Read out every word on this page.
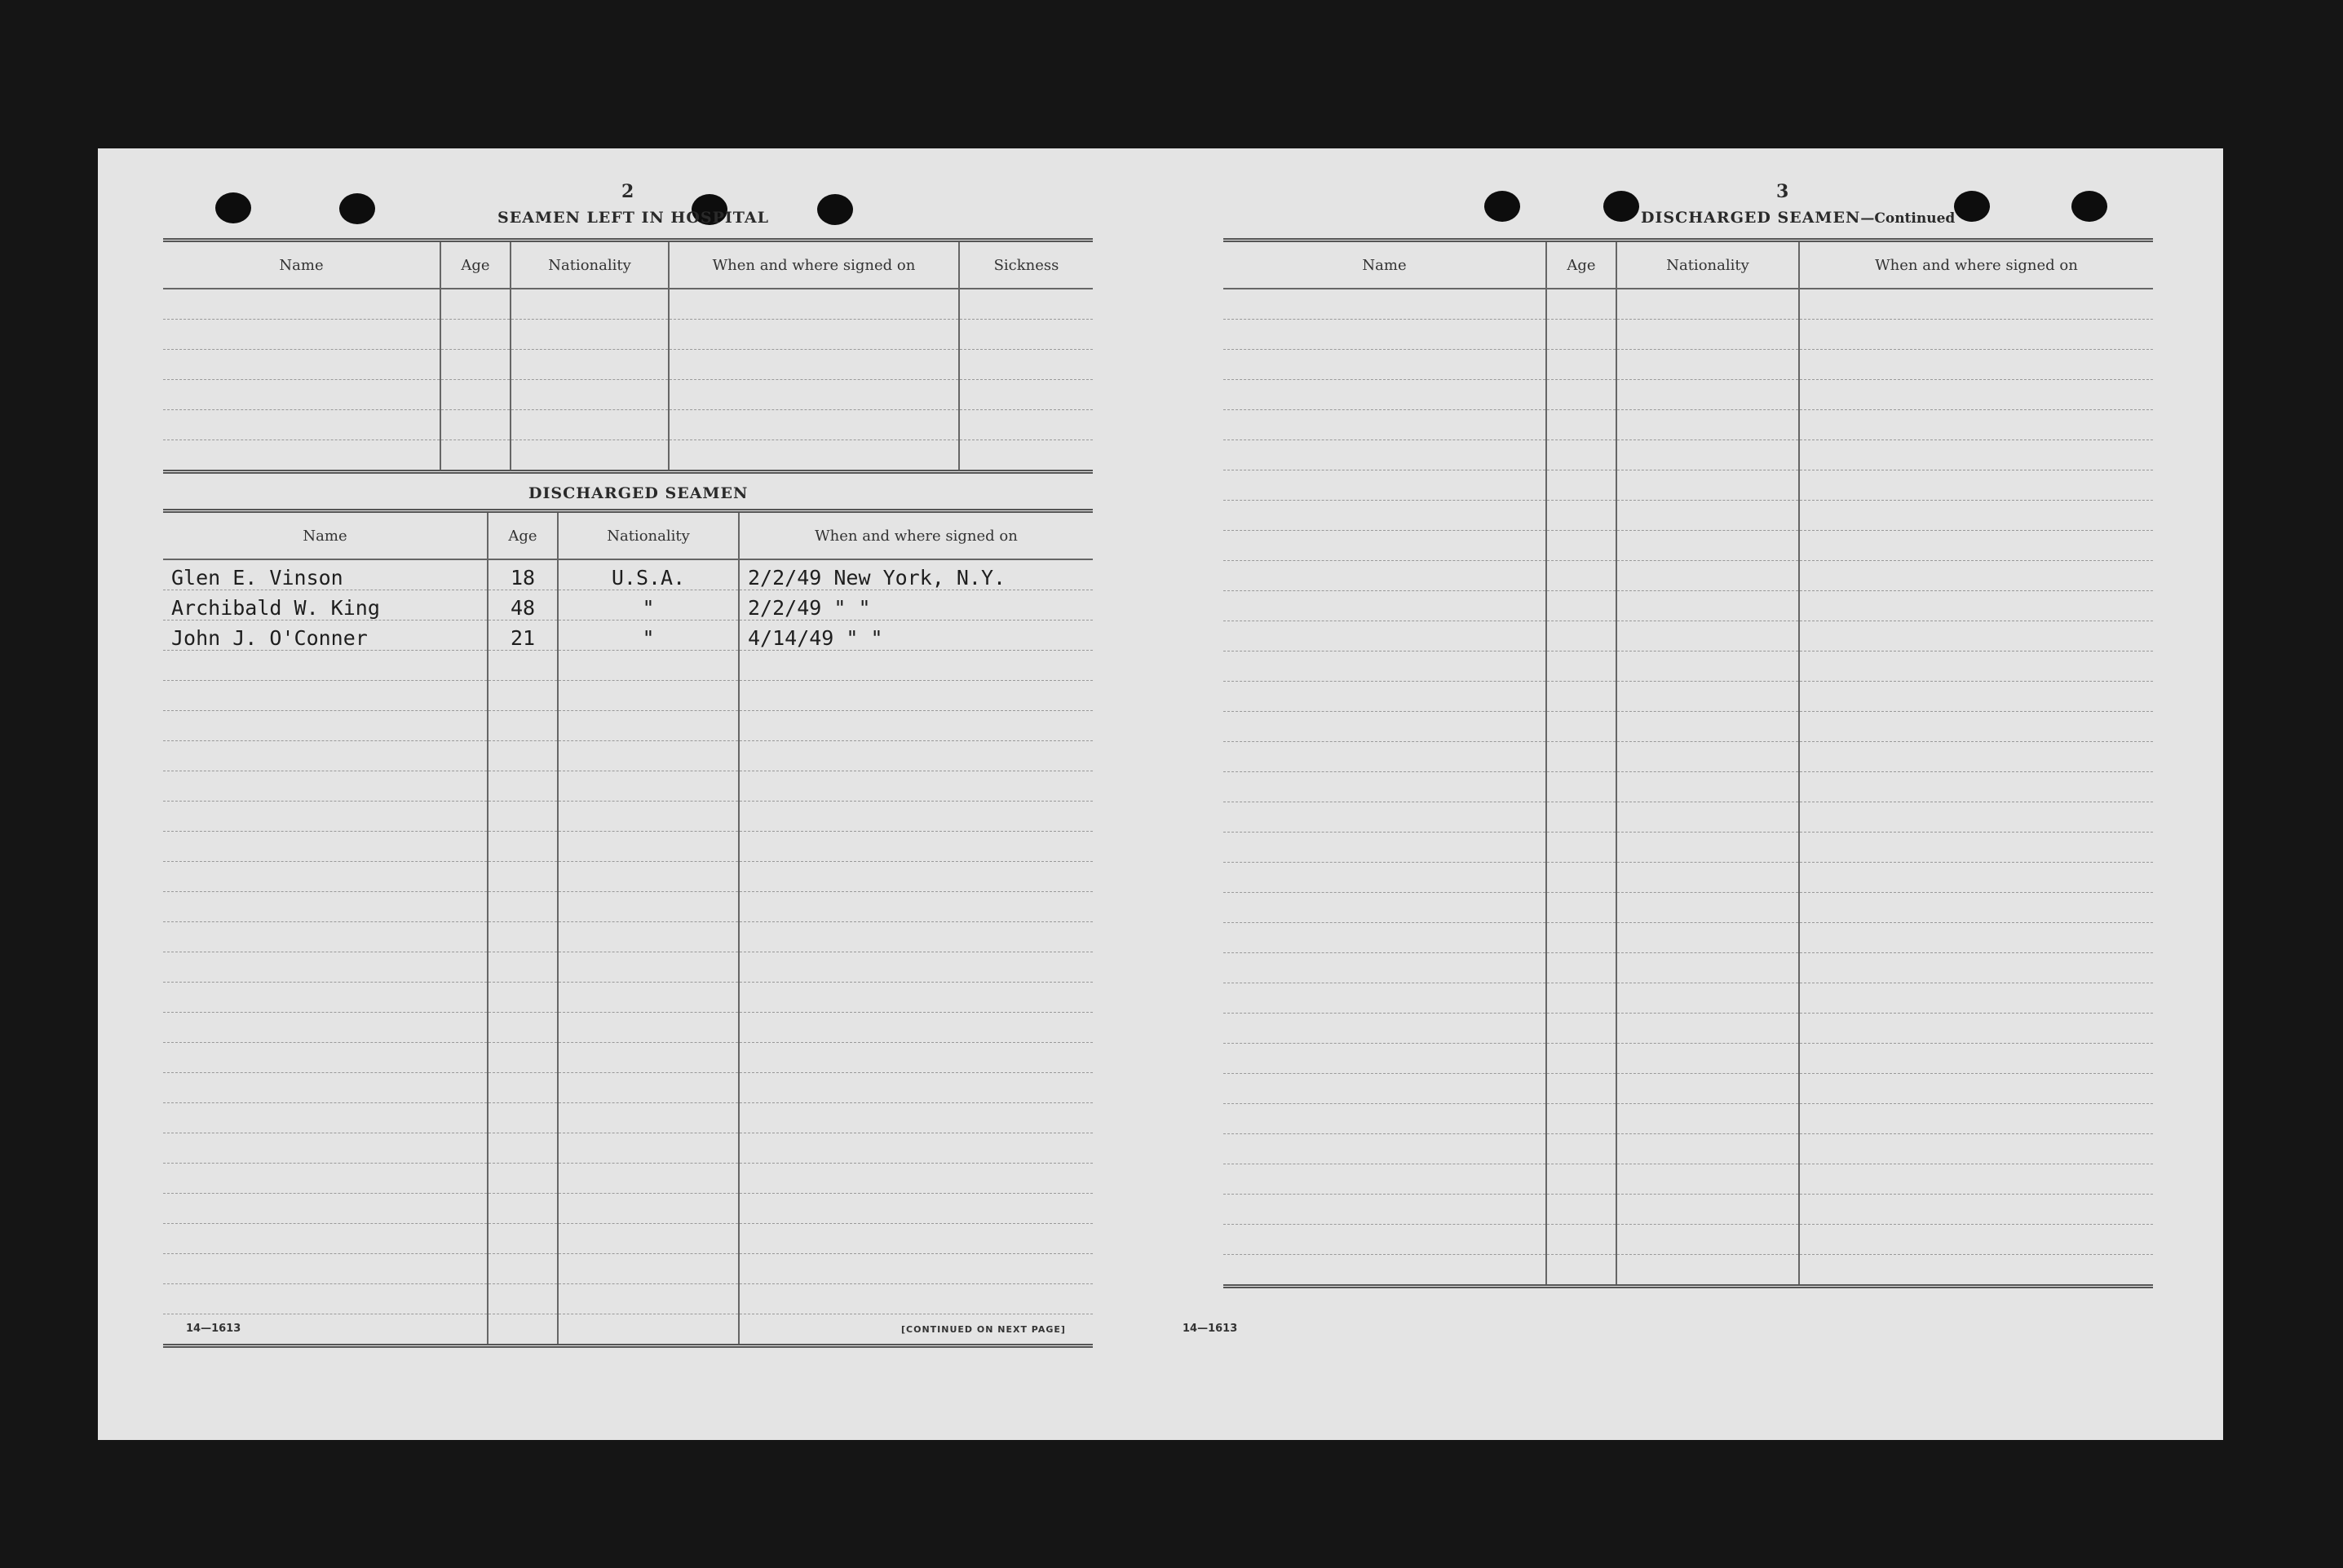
2
SEAMEN LEFT IN HOSPITAL
Name	Age	Nationality	When and where signed on	Sickness

DISCHARGED SEAMEN
Name	Age	Nationality	When and where signed on
Glen E. Vinson	18	U.S.A.	2/2/49 New York, N.Y.
Archibald W. King	48	"	2/2/49 " "
John J. O'Conner	21	"	4/14/49 " "

14—1613	[CONTINUED ON NEXT PAGE]
3
DISCHARGED SEAMEN—Continued
Name	Age	Nationality	When and where signed on

14—1613
